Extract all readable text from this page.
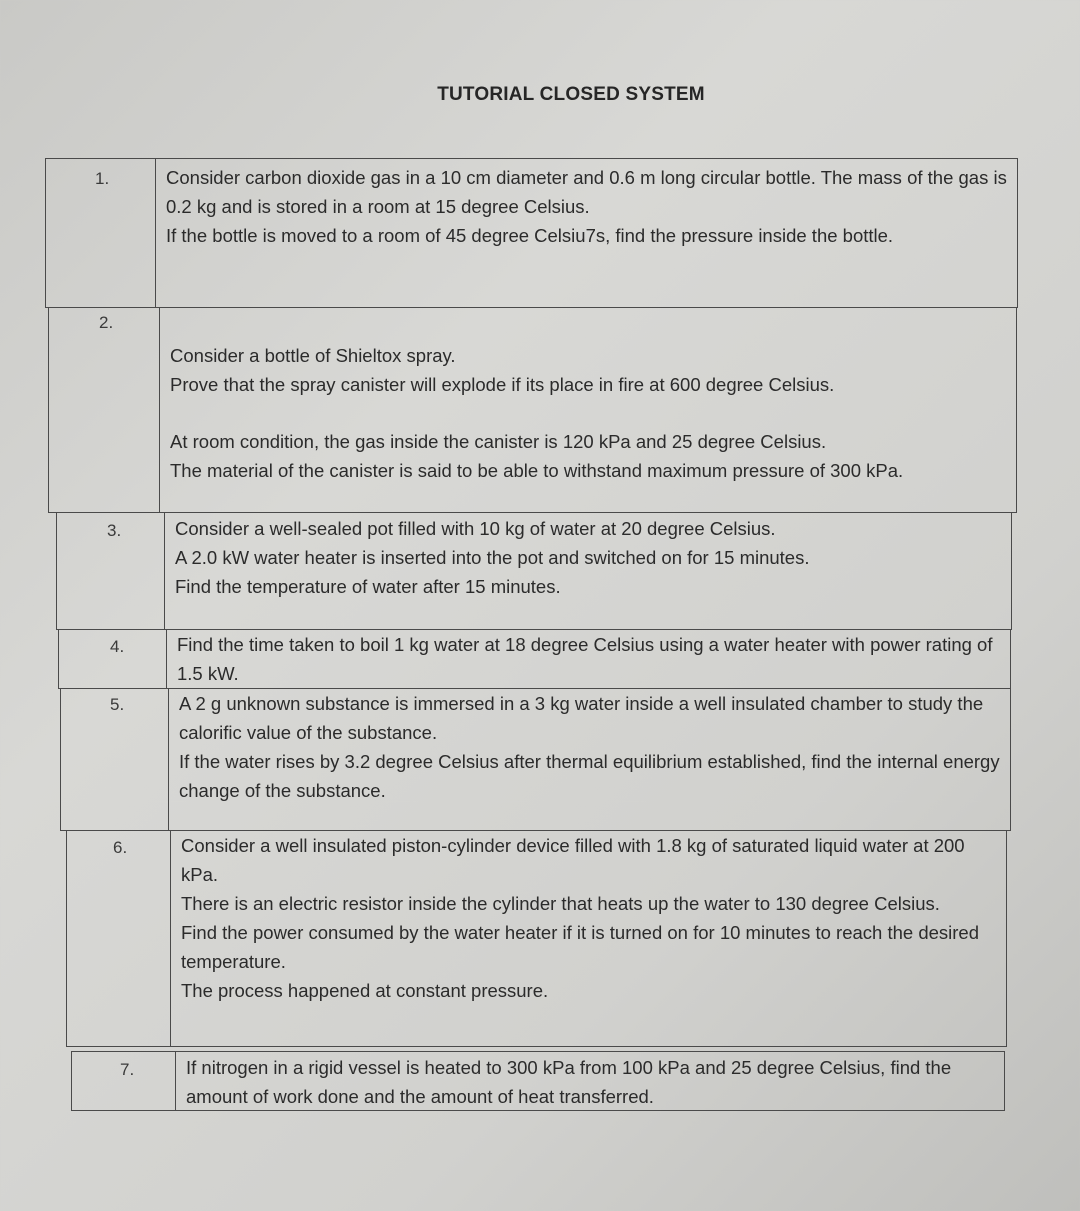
TUTORIAL CLOSED SYSTEM
1.	Consider carbon dioxide gas in a 10 cm diameter and 0.6 m long circular bottle. The mass of the gas is 0.2 kg and is stored in a room at 15 degree Celsius.

If the bottle is moved to a room of 45 degree Celsiu7s, find the pressure inside the bottle.

2.

Consider a bottle of Shieltox spray.

Prove that the spray canister will explode if its place in fire at 600 degree Celsius.

At room condition, the gas inside the canister is 120 kPa and 25 degree Celsius.

The material of the canister is said to be able to withstand maximum pressure of 300 kPa.

3.	Consider a well-sealed pot filled with 10 kg of water at 20 degree Celsius.

A 2.0 kW water heater is inserted into the pot and switched on for 15 minutes.

Find the temperature of water after 15 minutes.

4.	Find the time taken to boil 1 kg water at 18 degree Celsius using a water heater with power rating of 1.5 kW.

5.	A 2 g unknown substance is immersed in a 3 kg water inside a well insulated chamber to study the calorific value of the substance.

If the water rises by 3.2 degree Celsius after thermal equilibrium established, find the internal energy change of the substance.

6.	Consider a well insulated piston-cylinder device filled with 1.8 kg of saturated liquid water at 200 kPa.

There is an electric resistor inside the cylinder that heats up the water to 130 degree Celsius.

Find the power consumed by the water heater if it is turned on for 10 minutes to reach the desired temperature.

The process happened at constant pressure.

7.	If nitrogen in a rigid vessel is heated to 300 kPa from 100 kPa and 25 degree Celsius, find the amount of work done and the amount of heat transferred.
